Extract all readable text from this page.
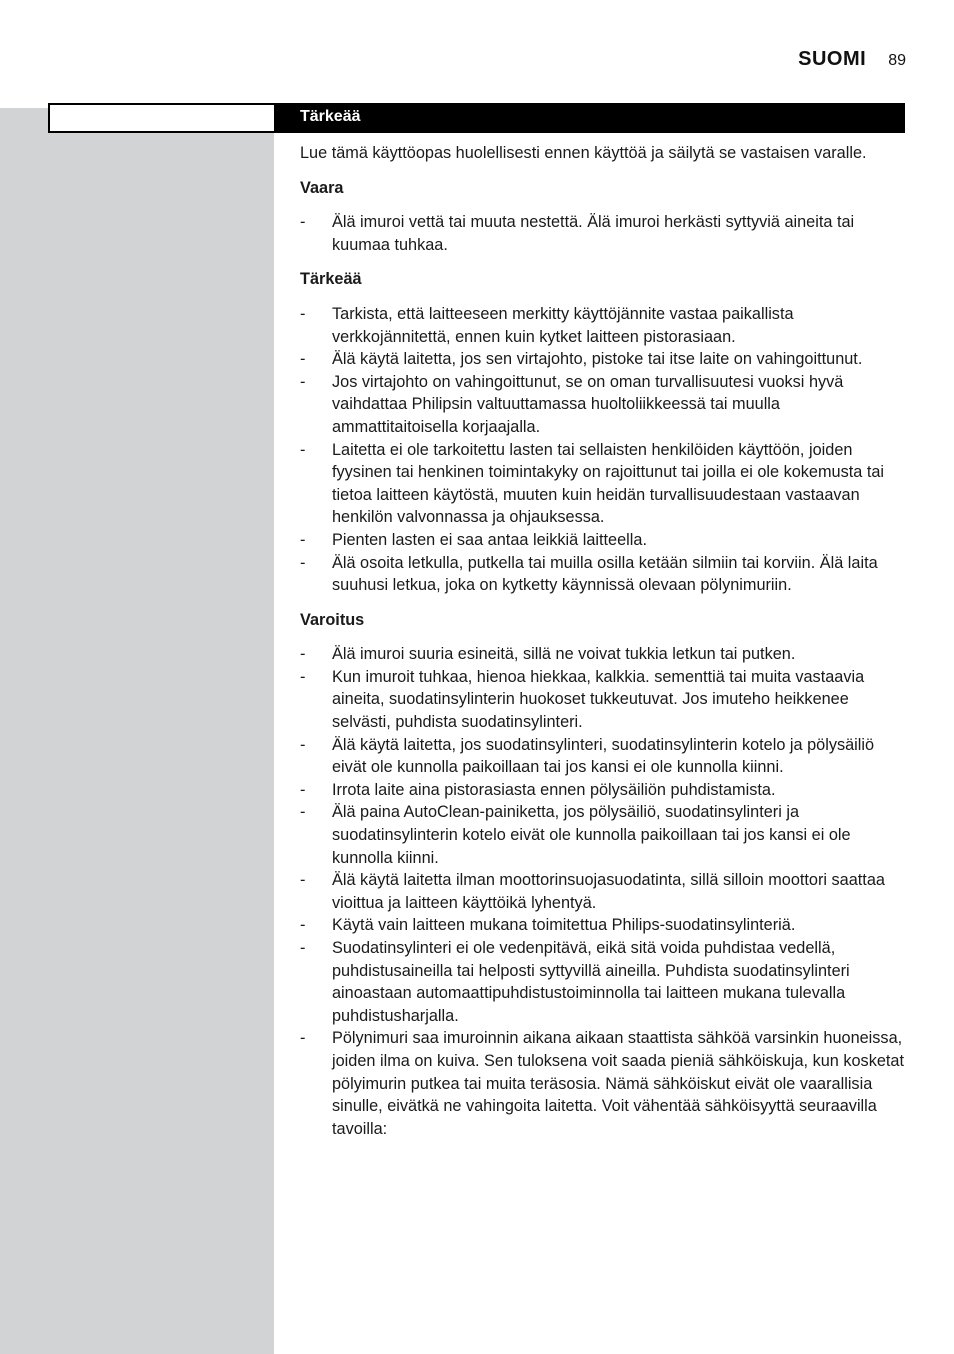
SUOMI 89
Tärkeää

Lue tämä käyttöopas huolellisesti ennen käyttöä ja säilytä se vastaisen varalle.

Vaara

- Älä imuroi vettä tai muuta nestettä. Älä imuroi herkästi syttyviä aineita tai kuumaa tuhkaa.

Tärkeää

- Tarkista, että laitteeseen merkitty käyttöjännite vastaa paikallista verkkojännitettä, ennen kuin kytket laitteen pistorasiaan.
- Älä käytä laitetta, jos sen virtajohto, pistoke tai itse laite on vahingoittunut.
- Jos virtajohto on vahingoittunut, se on oman turvallisuutesi vuoksi hyvä vaihdattaa Philipsin valtuuttamassa huoltoliikkeessä tai muulla ammattitaitoisella korjaajalla.
- Laitetta ei ole tarkoitettu lasten tai sellaisten henkilöiden käyttöön, joiden fyysinen tai henkinen toimintakyky on rajoittunut tai joilla ei ole kokemusta tai tietoa laitteen käytöstä, muuten kuin heidän turvallisuudestaan vastaavan henkilön valvonnassa ja ohjauksessa.
- Pienten lasten ei saa antaa leikkiä laitteella.
- Älä osoita letkulla, putkella tai muilla osilla ketään silmiin tai korviin. Älä laita suuhusi letkua, joka on kytketty käynnissä olevaan pölynimuriin.

Varoitus

- Älä imuroi suuria esineitä, sillä ne voivat tukkia letkun tai putken.
- Kun imuroit tuhkaa, hienoa hiekkaa, kalkkia. sementtiä tai muita vastaavia aineita, suodatinsylinterin huokoset tukkeutuvat. Jos imuteho heikkenee selvästi, puhdista suodatinsylinteri.
- Älä käytä laitetta, jos suodatinsylinteri, suodatinsylinterin kotelo ja pölysäiliö eivät ole kunnolla paikoillaan tai jos kansi ei ole kunnolla kiinni.
- Irrota laite aina pistorasiasta ennen pölysäiliön puhdistamista.
- Älä paina AutoClean-painiketta, jos pölysäiliö, suodatinsylinteri ja suodatinsylinterin kotelo eivät ole kunnolla paikoillaan tai jos kansi ei ole kunnolla kiinni.
- Älä käytä laitetta ilman moottorinsuojasuodatinta, sillä silloin moottori saattaa vioittua ja laitteen käyttöikä lyhentyä.
- Käytä vain laitteen mukana toimitettua Philips-suodatinsylinteriä.
- Suodatinsylinteri ei ole vedenpitävä, eikä sitä voida puhdistaa vedellä, puhdistusaineilla tai helposti syttyvillä aineilla. Puhdista suodatinsylinteri ainoastaan automaattipuhdistustoiminnolla tai laitteen mukana tulevalla puhdistusharjalla.
- Pölynimuri saa imuroinnin aikana aikaan staattista sähköä varsinkin huoneissa, joiden ilma on kuiva. Sen tuloksena voit saada pieniä sähköiskuja, kun kosketat pölyimurin putkea tai muita teräsosia. Nämä sähköiskut eivät ole vaarallisia sinulle, eivätkä ne vahingoita laitetta. Voit vähentää sähköisyyttä seuraavilla tavoilla:
